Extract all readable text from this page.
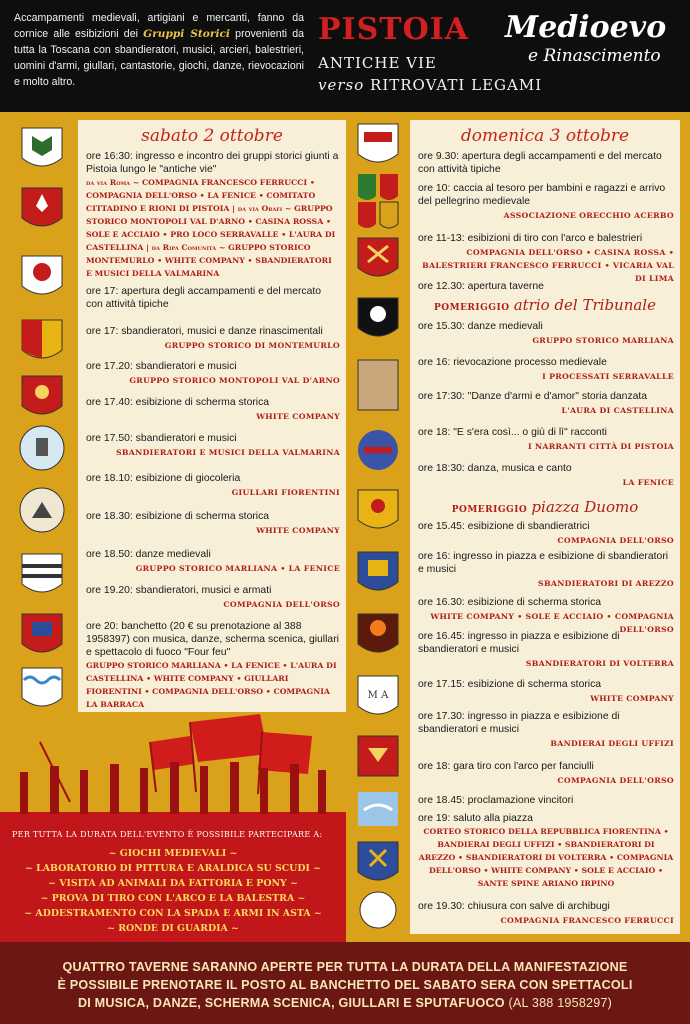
Accampamenti medievali, artigiani e mercanti, fanno da cornice alle esibizioni dei Gruppi Storici provenienti da tutta la Toscana con sbandieratori, musici, arcieri, balestrieri, uomini d'armi, giullari, cantastorie, giochi, danze, rievocazioni e molto altro.

PISTOIA Medioevo
e Rinascimento
ANTICHE VIE
verso RITROVATI LEGAMI
sabato 2 ottobre
ore 16:30: ingresso e incontro dei gruppi storici giunti a Pistoia lungo le "antiche vie"
da via Roma ~ COMPAGNIA FRANCESCO FERRUCCI • COMPAGNIA DELL'ORSO • LA FENICE • COMITATO CITTADINO E RIONI DI PISTOIA | da via Orafi ~ GRUPPO STORICO MONTOPOLI VAL D'ARNO • CASINA ROSSA • SOLE E ACCIAIO • PRO LOCO SERRAVALLE • L'AURA DI CASTELLINA | da Ripa Comunità ~ GRUPPO STORICO MONTEMURLO • WHITE COMPANY • SBANDIERATORI E MUSICI DELLA VALMARINA
ore 17: apertura degli accampamenti e del mercato con attività tipiche
ore 17: sbandieratori, musici e danze rinascimentali
GRUPPO STORICO DI MONTEMURLO
ore 17.20: sbandieratori e musici
GRUPPO STORICO MONTOPOLI VAL D'ARNO
ore 17.40: esibizione di scherma storica
WHITE COMPANY
ore 17.50: sbandieratori e musici
SBANDIERATORI E MUSICI DELLA VALMARINA
ore 18.10: esibizione di giocoleria
GIULLARI FIORENTINI
ore 18.30: esibizione di scherma storica
WHITE COMPANY
ore 18.50: danze medievali
GRUPPO STORICO MARLIANA • LA FENICE
ore 19.20: sbandieratori, musici e armati
COMPAGNIA DELL'ORSO
ore 20: banchetto (20 € su prenotazione al 388 1958397) con musica, danze, scherma scenica, giullari e spettacolo di fuoco "Four feu"
GRUPPO STORICO MARLIANA • LA FENICE • L'AURA DI CASTELLINA • WHITE COMPANY • GIULLARI FIORENTINI • COMPAGNIA DELL'ORSO • COMPAGNIA LA BARRACA
M A
domenica 3 ottobre
ore 9.30: apertura degli accampamenti e del mercato con attività tipiche
ore 10: caccia al tesoro per bambini e ragazzi e arrivo del pellegrino medievale
ASSOCIAZIONE ORECCHIO ACERBO
ore 11-13: esibizioni di tiro con l'arco e balestrieri
COMPAGNIA DELL'ORSO • CASINA ROSSA • BALESTRIERI FRANCESCO FERRUCCI • VICARIA VAL DI LIMA
ore 12.30: apertura taverne
POMERIGGIO atrio del Tribunale
ore 15.30: danze medievali
GRUPPO STORICO MARLIANA
ore 16: rievocazione processo medievale
I PROCESSATI SERRAVALLE
ore 17:30: "Danze d'armi e d'amor" storia danzata
L'AURA DI CASTELLINA
ore 18: "E s'era così... o giù di lì" racconti
I NARRANTI CITTÀ DI PISTOIA
ore 18:30: danza, musica e canto
LA FENICE
POMERIGGIO piazza Duomo
ore 15.45: esibizione di sbandieratrici
COMPAGNIA DELL'ORSO
ore 16: ingresso in piazza e esibizione di sbandieratori e musici
SBANDIERATORI DI AREZZO
ore 16.30: esibizione di scherma storica
WHITE COMPANY • SOLE E ACCIAIO • COMPAGNIA DELL'ORSO
ore 16.45: ingresso in piazza e esibizione di sbandieratori e musici
SBANDIERATORI DI VOLTERRA
ore 17.15: esibizione di scherma storica
WHITE COMPANY
ore 17.30: ingresso in piazza e esibizione di sbandieratori e musici
BANDIERAI DEGLI UFFIZI
ore 18: gara tiro con l'arco per fanciulli
COMPAGNIA DELL'ORSO
ore 18.45: proclamazione vincitori
ore 19: saluto alla piazza
CORTEO STORICO DELLA REPUBBLICA FIORENTINA • BANDIERAI DEGLI UFFIZI • SBANDIERATORI DI AREZZO • SBANDIERATORI DI VOLTERRA • COMPAGNIA DELL'ORSO • WHITE COMPANY • SOLE E ACCIAIO • SANTE SPINE ARIANO IRPINO
ore 19.30: chiusura con salve di archibugi
COMPAGNIA FRANCESCO FERRUCCI
PER TUTTA LA DURATA DELL'EVENTO È POSSIBILE PARTECIPARE A:
~ GIOCHI MEDIEVALI ~
~ LABORATORIO DI PITTURA E ARALDICA SU SCUDI ~
~ VISITA AD ANIMALI DA FATTORIA E PONY ~
~ PROVA DI TIRO CON L'ARCO E LA BALESTRA ~
~ ADDESTRAMENTO CON LA SPADA E ARMI IN ASTA ~
~ RONDE DI GUARDIA ~
QUATTRO TAVERNE SARANNO APERTE PER TUTTA LA DURATA DELLA MANIFESTAZIONE
È POSSIBILE PRENOTARE IL POSTO AL BANCHETTO DEL SABATO SERA CON SPETTACOLI
DI MUSICA, DANZE, SCHERMA SCENICA, GIULLARI E SPUTAFUOCO (AL 388 1958297)
